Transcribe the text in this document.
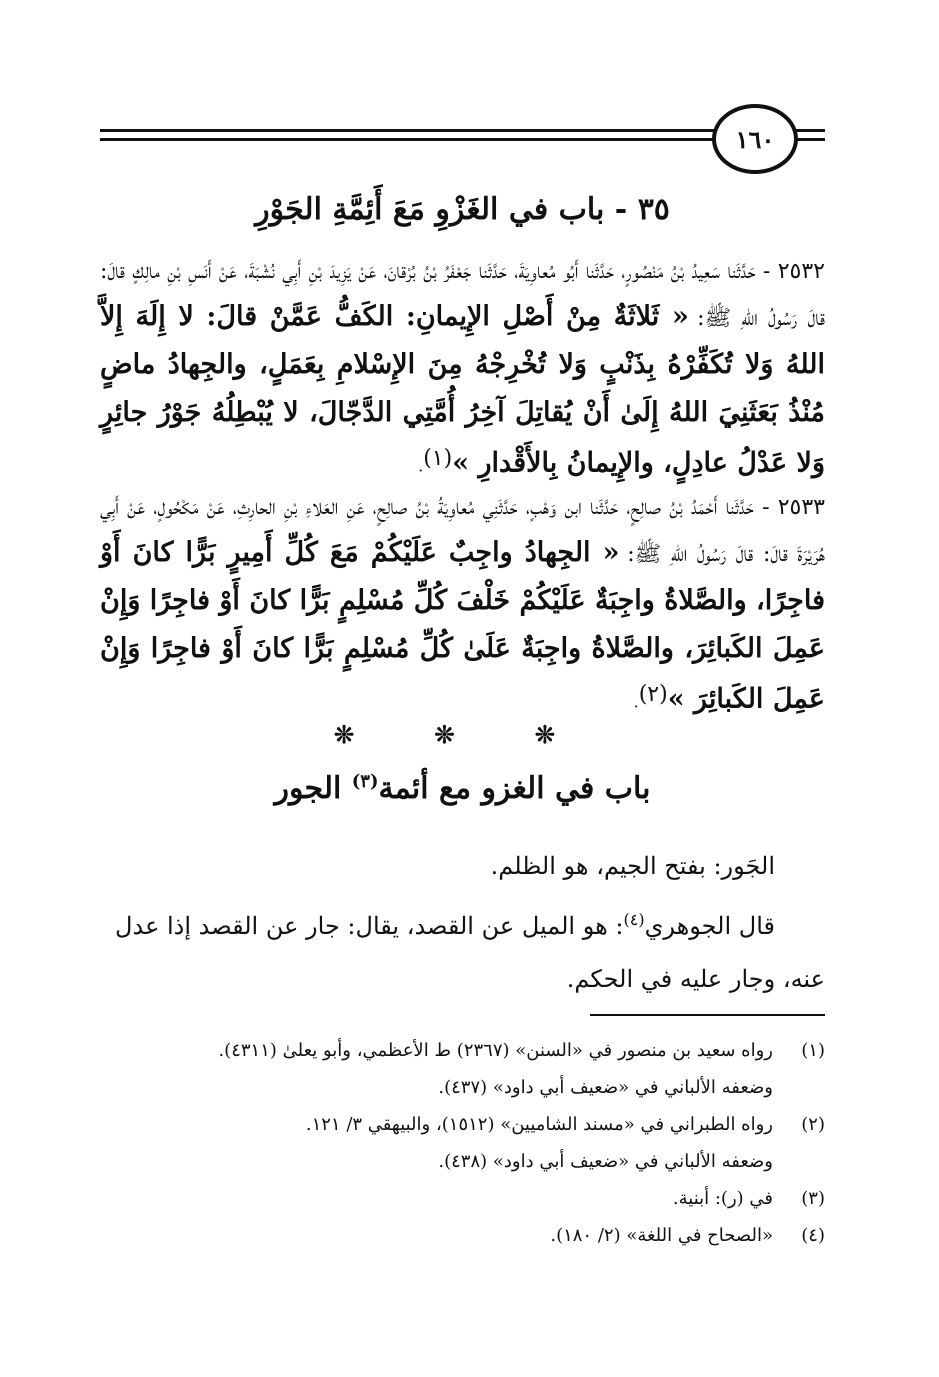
١٦٠
٣٥ - باب في الغَزْوِ مَعَ أَئِمَّةِ الجَوْرِ

٢٥٣٢ - حَدَّثَنا سَعِيدُ بْنُ مَنْصُورٍ، حَدَّثَنا أَبُو مُعاوِيَةَ، حَدَّثَنا جَعْفَرُ بْنُ بُرْقانَ، عَنْ يَزِيدَ بْنِ أَبِي نُشْبَةَ، عَنْ أَنَسِ بْنِ مالِكٍ قالَ: قالَ رَسُولُ اللهِ ﷺ: « ثَلاثَةٌ مِنْ أَصْلِ الإِيمانِ: الكَفُّ عَمَّنْ قالَ: لا إِلَهَ إِلاَّ اللهُ وَلا تُكَفِّرْهُ بِذَنْبٍ وَلا تُخْرِجْهُ مِنَ الإِسْلامِ بِعَمَلٍ، والجِهادُ ماضٍ مُنْذُ بَعَثَنِيَ اللهُ إِلَىٰ أَنْ يُقاتِلَ آخِرُ أُمَّتِي الدَّجّالَ، لا يُبْطِلُهُ جَوْرُ جائِرٍ وَلا عَدْلُ عادِلٍ، والإِيمانُ بِالأَقْدارِ »$^{(١)}$.

٢٥٣٣ - حَدَّثَنا أَحْمَدُ بْنُ صالِحٍ، حَدَّثَنا ابن وَهْبٍ، حَدَّثَنِي مُعاوِيَةُ بْنُ صالِحٍ، عَنِ العَلاءِ بْنِ الحارِثِ، عَنْ مَكْحُولٍ، عَنْ أَبِي هُرَيْرَةَ قالَ: قالَ رَسُولُ اللهِ ﷺ: « الجِهادُ واجِبٌ عَلَيْكُمْ مَعَ كُلِّ أَمِيرٍ بَرًّا كانَ أَوْ فاجِرًا، والصَّلاةُ واجِبَةٌ عَلَيْكُمْ خَلْفَ كُلِّ مُسْلِمٍ بَرًّا كانَ أَوْ فاجِرًا وَإِنْ عَمِلَ الكَبائِرَ، والصَّلاةُ واجِبَةٌ عَلَىٰ كُلِّ مُسْلِمٍ بَرًّا كانَ أَوْ فاجِرًا وَإِنْ عَمِلَ الكَبائِرَ »$^{(٢)}$.

❊ ❊ ❊
باب في الغزو مع أئمة$^{(٣)}$ الجور

الجَور: بفتح الجيم، هو الظلم.

قال الجوهري$^{(٤)}$: هو الميل عن القصد، يقال: جار عن القصد إذا عدل عنه، وجار عليه في الحكم.

(١)
رواه سعيد بن منصور في «السنن» (٢٣٦٧) ط الأعظمي، وأبو يعلىٰ (٤٣١١).
وضعفه الألباني في «ضعيف أبي داود» (٤٣٧).
(٢)
رواه الطبراني في «مسند الشاميين» (١٥١٢)، والبيهقي ٣/ ١٢١.
وضعفه الألباني في «ضعيف أبي داود» (٤٣٨).
(٣)
في (ر): أبنية.
(٤)
«الصحاح في اللغة» (٢/ ١٨٠).
